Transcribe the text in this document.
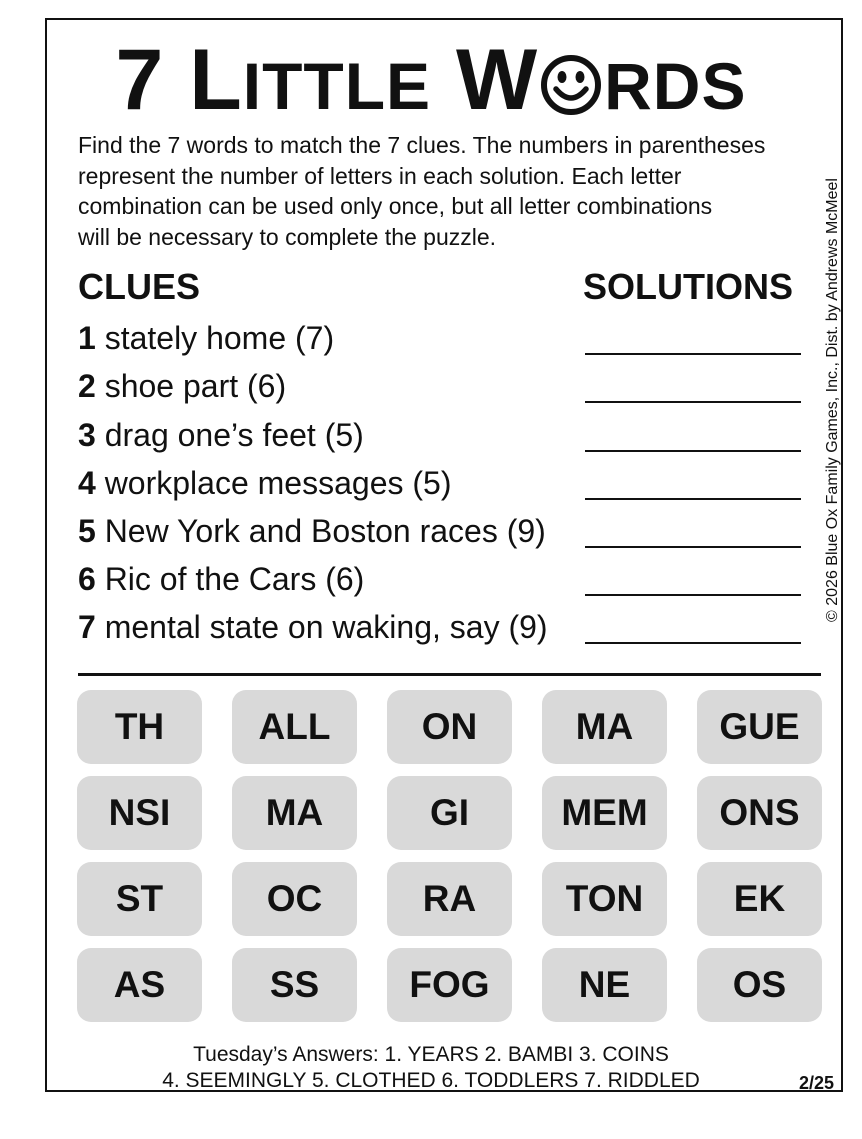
7 LITTLE W RDS
Find the 7 words to match the 7 clues. The numbers in parentheses
represent the number of letters in each solution. Each letter
combination can be used only once, but all letter combinations
will be necessary to complete the puzzle.
CLUES	SOLUTIONS
1 stately home (7)
2 shoe part (6)
3 drag one’s feet (5)
4 workplace messages (5)
5 New York and Boston races (9)
6 Ric of the Cars (6)
7 mental state on waking, say (9)
© 2026 Blue Ox Family Games, Inc., Dist. by Andrews McMeel
TH	ALL	ON	MA	GUE
NSI	MA	GI	MEM	ONS
ST	OC	RA	TON	EK
AS	SS	FOG	NE	OS
Tuesday’s Answers: 1. YEARS 2. BAMBI 3. COINS
4. SEEMINGLY 5. CLOTHED 6. TODDLERS 7. RIDDLED	2/25
